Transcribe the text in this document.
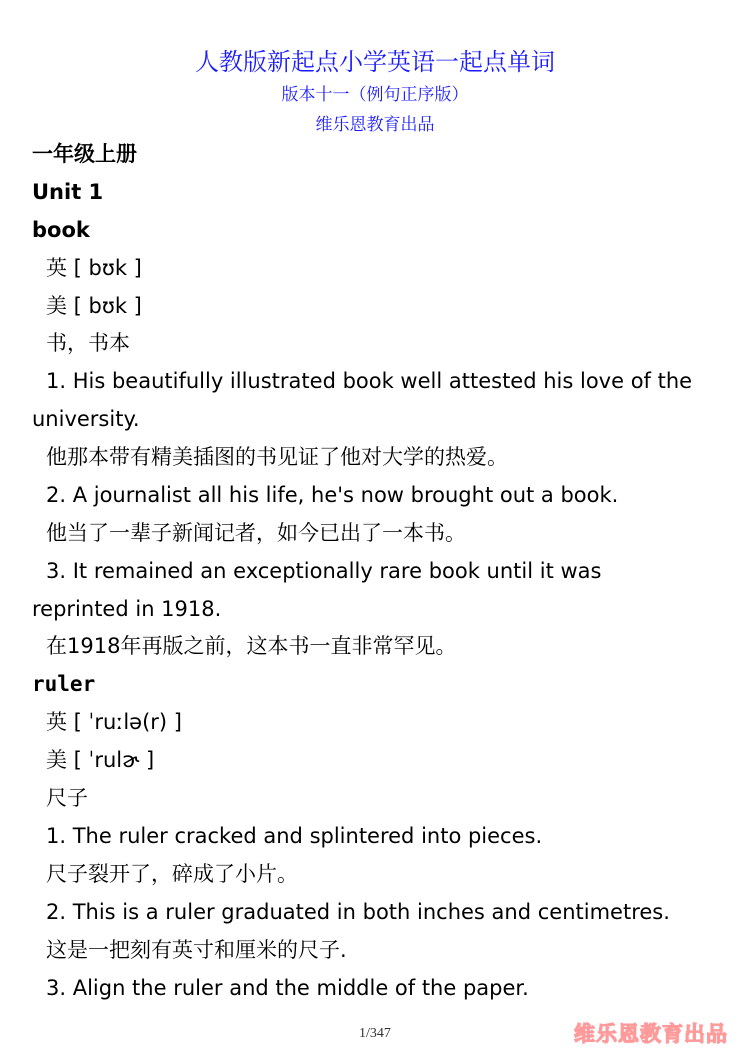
人教版新起点小学英语一起点单词
版本十一（例句正序版）
维乐恩教育出品
一年级上册
Unit 1
book
英 [ bʊk ]
美 [ bʊk ]
书，书本
1. His beautifully illustrated book well attested his love of the
university.
他那本带有精美插图的书见证了他对大学的热爱。
2. A journalist all his life, he's now brought out a book.
他当了一辈子新闻记者，如今已出了一本书。
3. It remained an exceptionally rare book until it was
reprinted in 1918.
在1918年再版之前，这本书一直非常罕见。
ruler
英 [ ˈruːlə(r) ]
美 [ ˈrulɚ ]
尺子
1. The ruler cracked and splintered into pieces.
尺子裂开了，碎成了小片。
2. This is a ruler graduated in both inches and centimetres.
这是一把刻有英寸和厘米的尺子.
3. Align the ruler and the middle of the paper.
1/347	维乐恩教育出品
